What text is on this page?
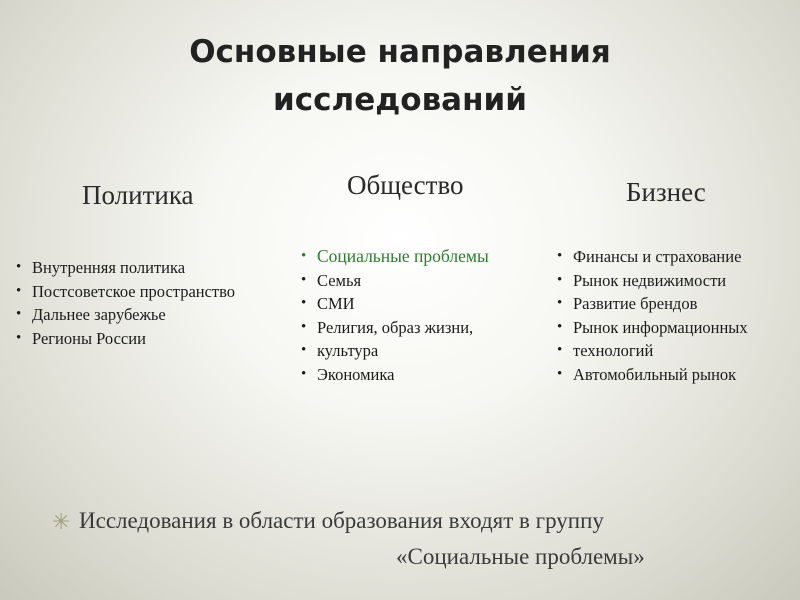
Основные направления
исследований
Политика	Общество	Бизнес
• Внутренняя политика
• Постсоветское пространство
• Дальнее зарубежье
• Регионы России
• Социальные проблемы
• Семья
• СМИ
• Религия, образ жизни,
• культура
• Экономика
• Финансы и страхование
• Рынок недвижимости
• Развитие брендов
• Рынок информационных
• технологий
• Автомобильный рынок
✳ Исследования в области образования входят в группу
«Социальные проблемы»
